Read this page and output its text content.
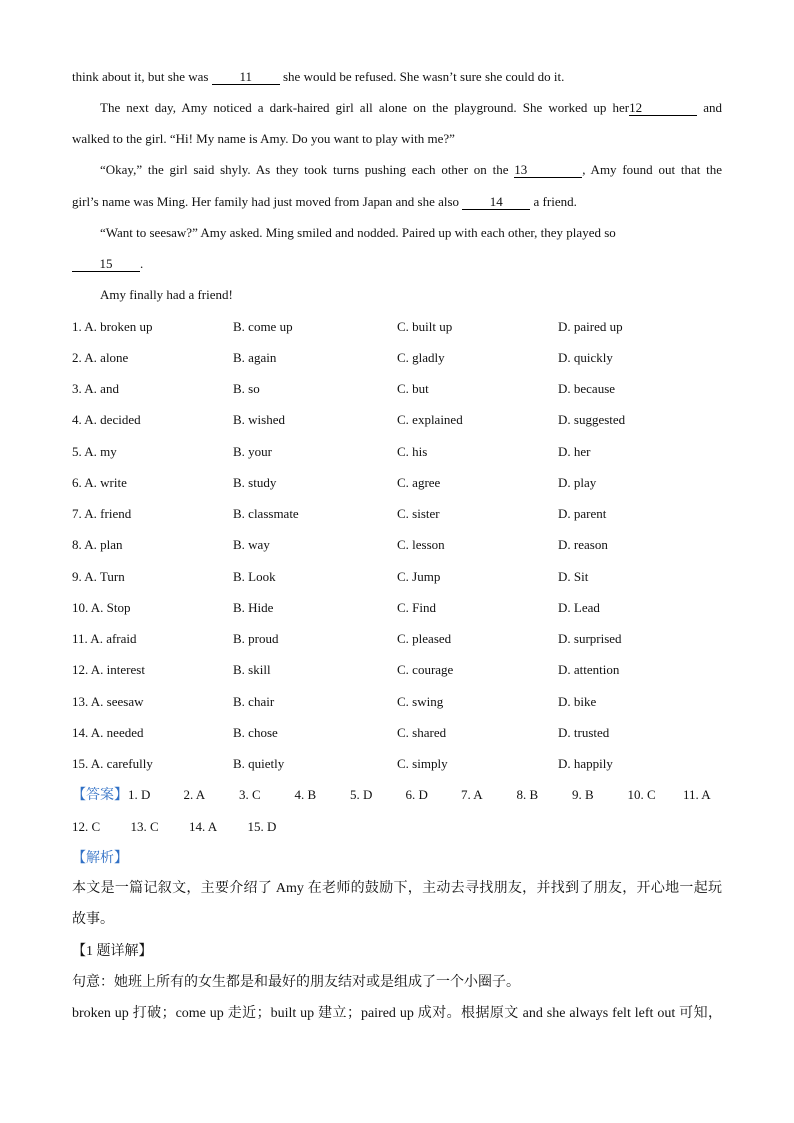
think about it, but she was 11 she would be refused. She wasn’t sure she could do it.
The next day, Amy noticed a dark-haired girl all alone on the playground. She worked up her12	and
walked to the girl. “Hi! My name is Amy. Do you want to play with me?”
“Okay,” the girl said shyly. As they took turns pushing each other on the 13	, Amy found out that the
girl’s name was Ming. Her family had just moved from Japan and she also 14 a friend.
“Want to seesaw?” Amy asked. Ming smiled and nodded. Paired up with each other, they played so
15 .
Amy finally had a friend!
1. A. broken up	B. come up	C. built up	D. paired up
2. A. alone	B. again	C. gladly	D. quickly
3. A. and	B. so	C. but	D. because
4. A. decided	B. wished	C. explained	D. suggested
5. A. my	B. your	C. his	D. her
6. A. write	B. study	C. agree	D. play
7. A. friend	B. classmate	C. sister	D. parent
8. A. plan	B. way	C. lesson	D. reason
9. A. Turn	B. Look	C. Jump	D. Sit
10. A. Stop	B. Hide	C. Find	D. Lead
11. A. afraid	B. proud	C. pleased	D. surprised
12. A. interest	B. skill	C. courage	D. attention
13. A. seesaw	B. chair	C. swing	D. bike
14. A. needed	B. chose	C. shared	D. trusted
15. A. carefully	B. quietly	C. simply	D. happily
【答案】1. D	2. A	3. C	4. B	5. D	6. D	7. A	8. B	9. B	10. C 11. A
12. C 13. C 14. A 15. D
【解析】
本文是一篇记叙文，主要介绍了 Amy 在老师的鼓励下，主动去寻找朋友，并找到了朋友，开心地一起玩
故事。
【1 题详解】
句意：她班上所有的女生都是和最好的朋友结对或是组成了一个小圈子。
broken up 打破；come up 走近；built up 建立；paired up 成对。根据原文 and she always felt left out 可知，
